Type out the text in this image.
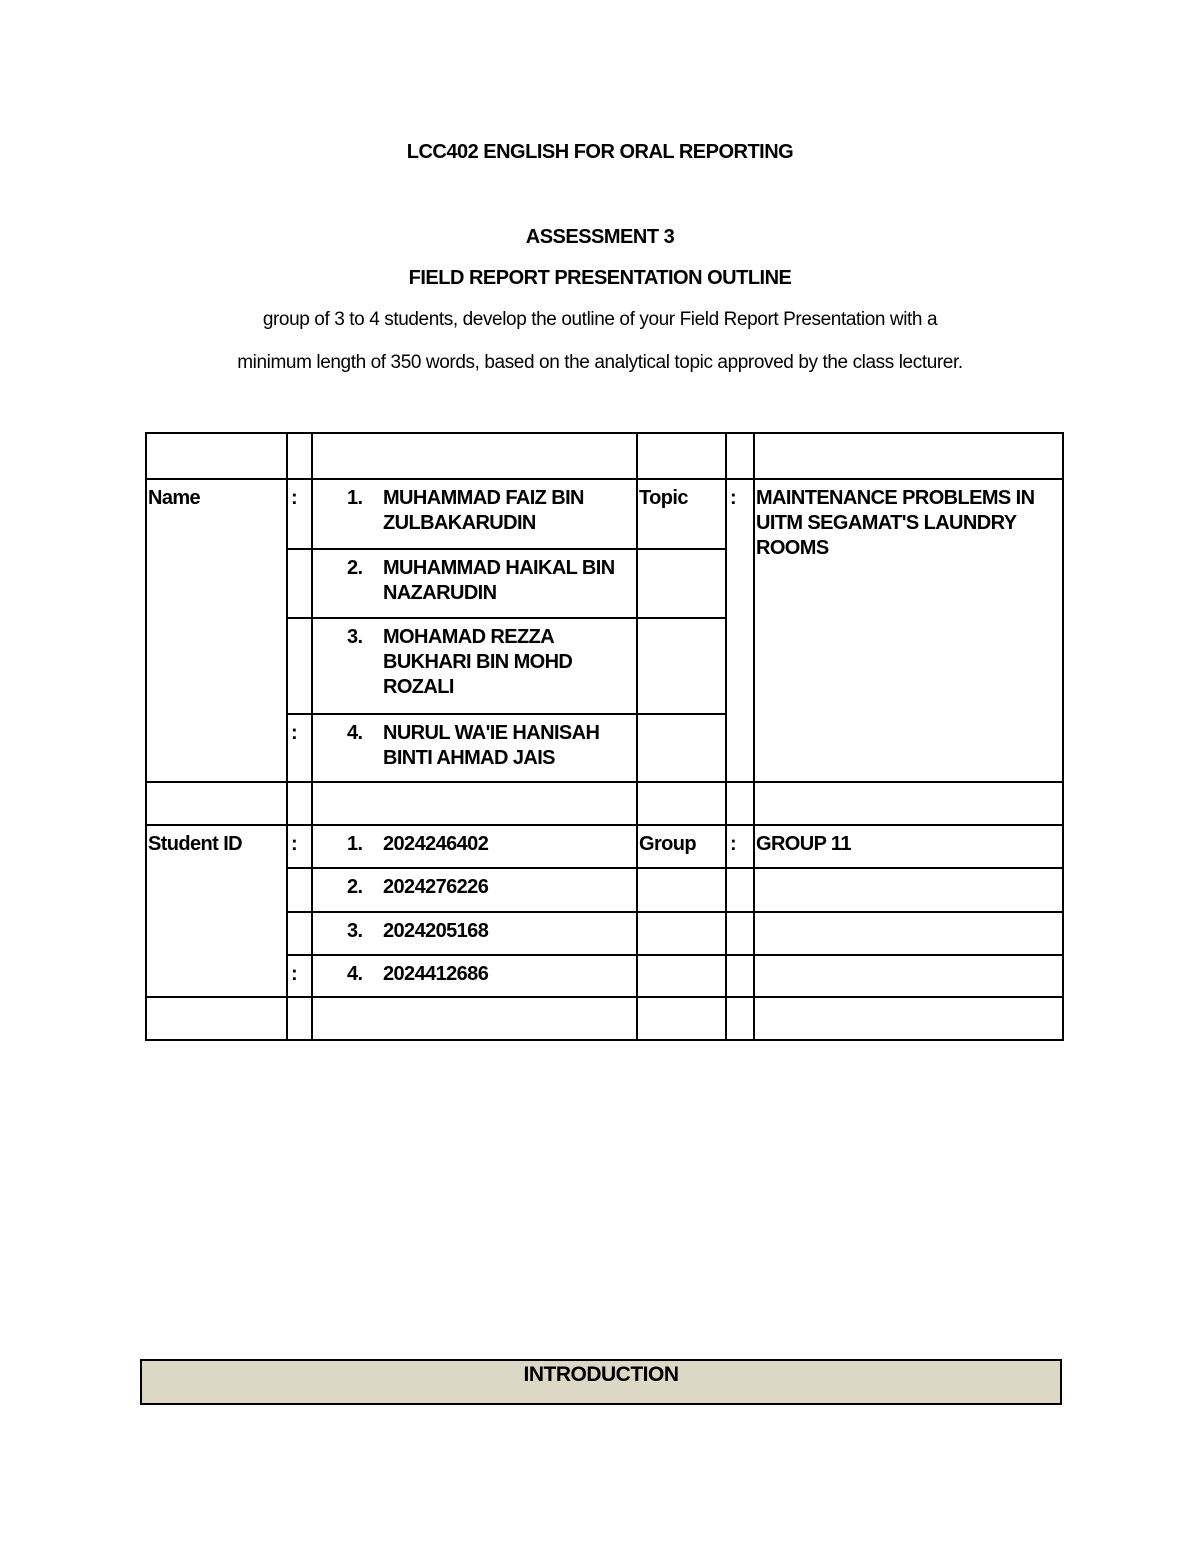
LCC402 ENGLISH FOR ORAL REPORTING
ASSESSMENT 3
FIELD REPORT PRESENTATION OUTLINE
group of 3 to 4 students, develop the outline of your Field Report Presentation with a
minimum length of 350 words, based on the analytical topic approved by the class lecturer.

Name	:	1. MUHAMMAD FAIZ BIN ZULBAKARUDIN	Topic	:	MAINTENANCE PROBLEMS IN UITM SEGAMAT'S LAUNDRY ROOMS
		2. MUHAMMAD HAIKAL BIN NAZARUDIN			
		3. MOHAMAD REZZA BUKHARI BIN MOHD ROZALI			
	:	4. NURUL WA'IE HANISAH BINTI AHMAD JAIS			

Student ID	:	1.2024246402	Group	:	GROUP 11
		2. 2024276226			
		3. 2024205168			
	:	4. 2024412686			

INTRODUCTION
